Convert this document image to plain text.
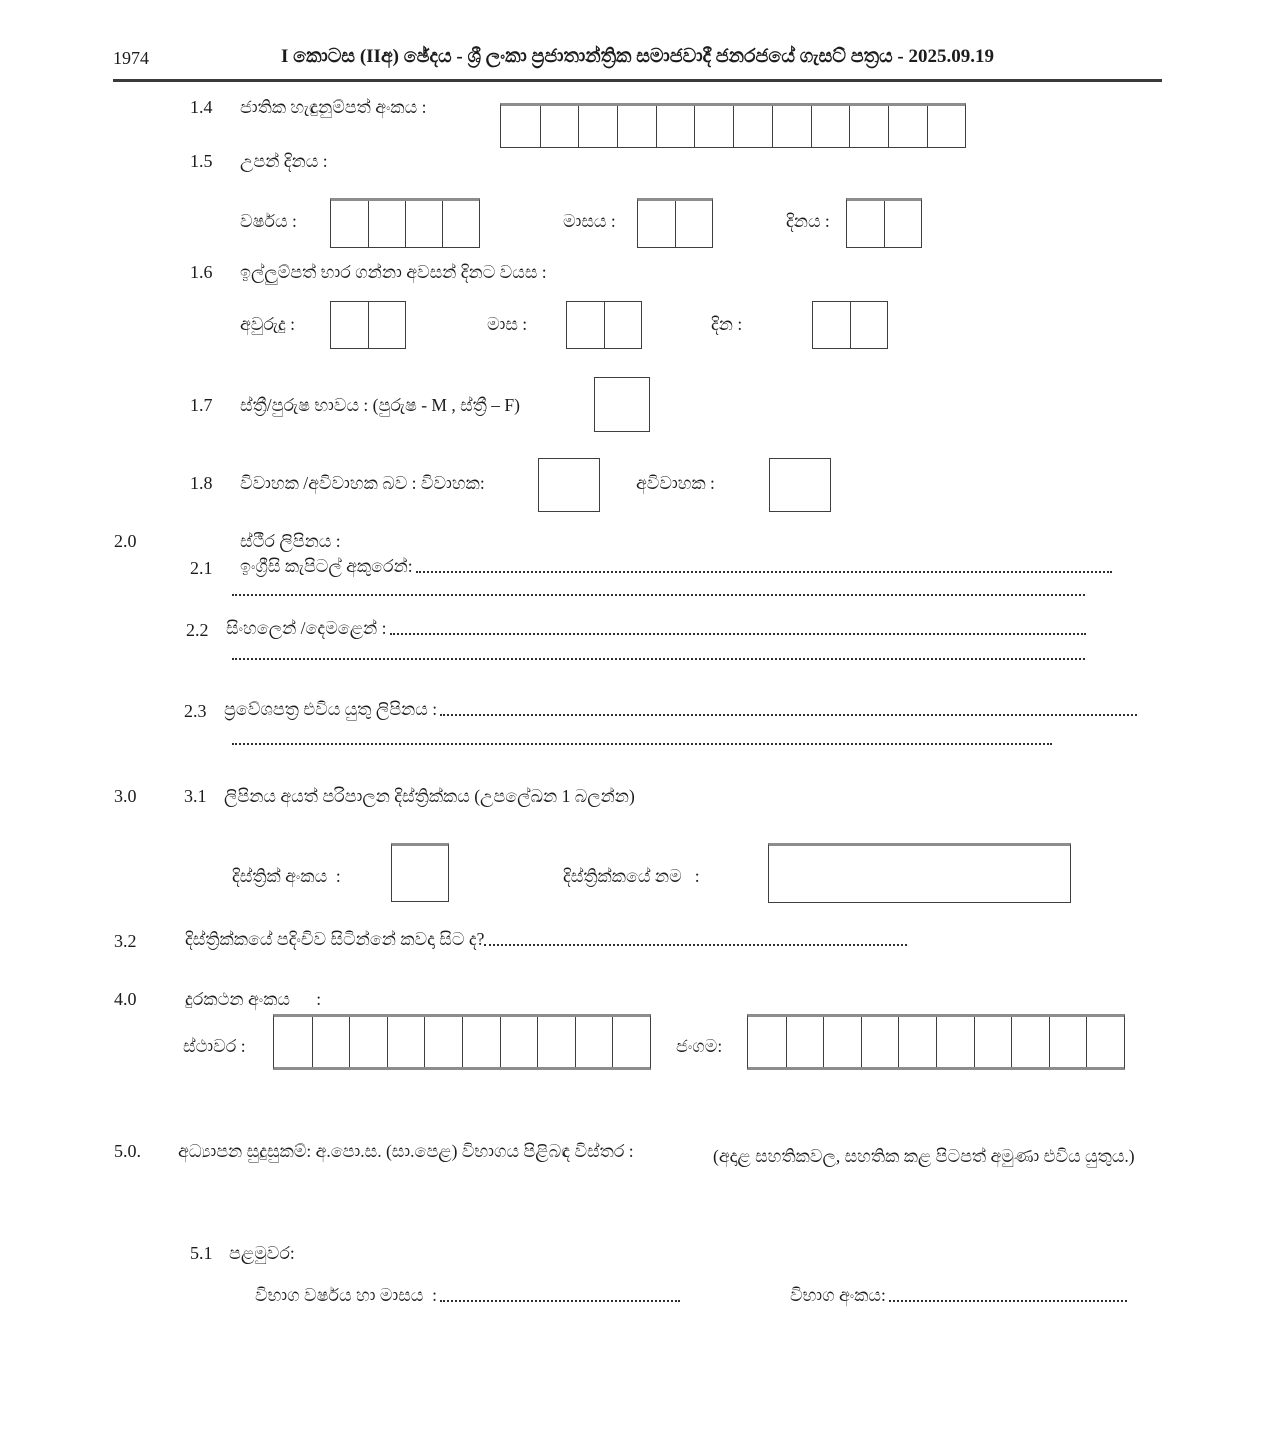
1974	I කොටස (IIඅ) ඡේදය - ශ්‍රී ලංකා ප්‍රජාතාන්ත්‍රික සමාජවාදී ජනරජයේ ගැසට් පත්‍රය - 2025.09.19
1.4 ජාතික හැඳුනුම්පත් අංකය :
1.5 උපන් දිනය :
වර්ෂය :	මාසය :	දිනය :
1.6 ඉල්ලුම්පත් භාර ගන්නා අවසන් දිනට වයස :
අවුරුදු :	මාස :	දින :
1.7 ස්ත්‍රී/පුරුෂ භාවය : (පුරුෂ - M , ස්ත්‍රී – F)
1.8 විවාහක /අවිවාහක බව : විවාහක:	අවිවාහක :
2.0	ස්ථීර ලිපිනය :
2.1 ඉංග්‍රීසි කැපිටල් අකුරෙන්:
2.2 සිංහලෙන් /දෙමළෙන් :
2.3 ප්‍රවේශපත්‍ර එවිය යුතු ලිපිනය :
3.0	3.1 ලිපිනය අයත් පරිපාලන දිස්ත්‍රික්කය (උපලේඛන 1 බලන්න)
දිස්ත්‍රික් අංකය  :	දිස්ත්‍රික්කයේ නම   :
3.2	දිස්ත්‍රික්කයේ පදිංචිව සිටින්නේ කවදා සිට ද?
4.0	දුරකථන අංකය      :
ස්ථාවර :	ජංගම:
5.0. අධ්‍යාපන සුදුසුකම්: අ.පො.ස. (සා.පෙළ) විභාගය පිළිබඳ විස්තර :	(අදාළ සහතිකවල, සහතික කළ පිටපත් අමුණා එවිය යුතුය.)
5.1 පළමුවර:
විභාග වර්ෂය හා මාසය  :	විභාග අංකය:
